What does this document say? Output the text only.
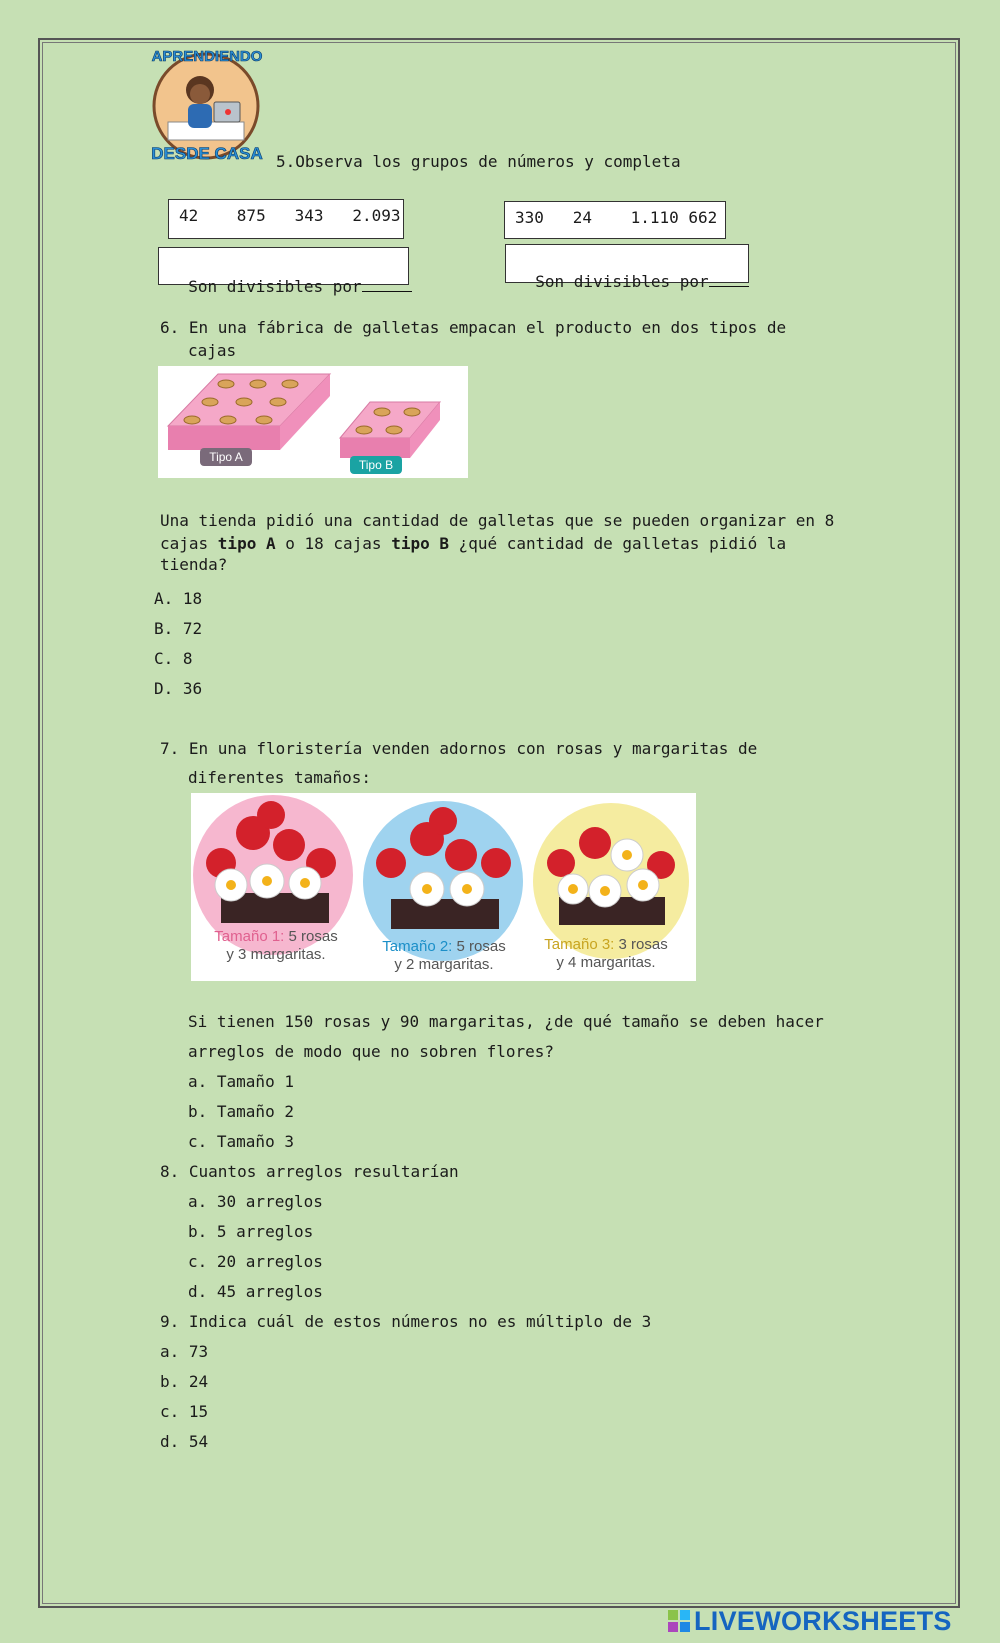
APRENDIENDO
DESDE CASA 5.Observa los grupos de números y completa
42    875   343   2.093

Son divisibles por

330   24    1.110 662

Son divisibles por

6. En una fábrica de galletas empacan el producto en dos tipos de
cajas
Tipo A
Tipo B
Una tienda pidió una cantidad de galletas que se pueden organizar en 8
cajas tipo A o 18 cajas tipo B ¿qué cantidad de galletas pidió la
tienda?
A. 18
B. 72
C. 8
D. 36
7. En una floristería venden adornos con rosas y margaritas de
diferentes tamaños:
Tamaño 1: 5 rosas
y 3 margaritas.	Tamaño 2: 5 rosas
y 2 margaritas.
Tamaño 3: 3 rosas
y 4 margaritas.
Si tienen 150 rosas y 90 margaritas, ¿de qué tamaño se deben hacer
arreglos de modo que no sobren flores?
a. Tamaño 1
b. Tamaño 2
c. Tamaño 3
8. Cuantos arreglos resultarían
a. 30 arreglos
b. 5 arreglos
c. 20 arreglos
d. 45 arreglos
9. Indica cuál de estos números no es múltiplo de 3
a. 73
b. 24
c. 15
d. 54
LIVEWORKSHEETS
